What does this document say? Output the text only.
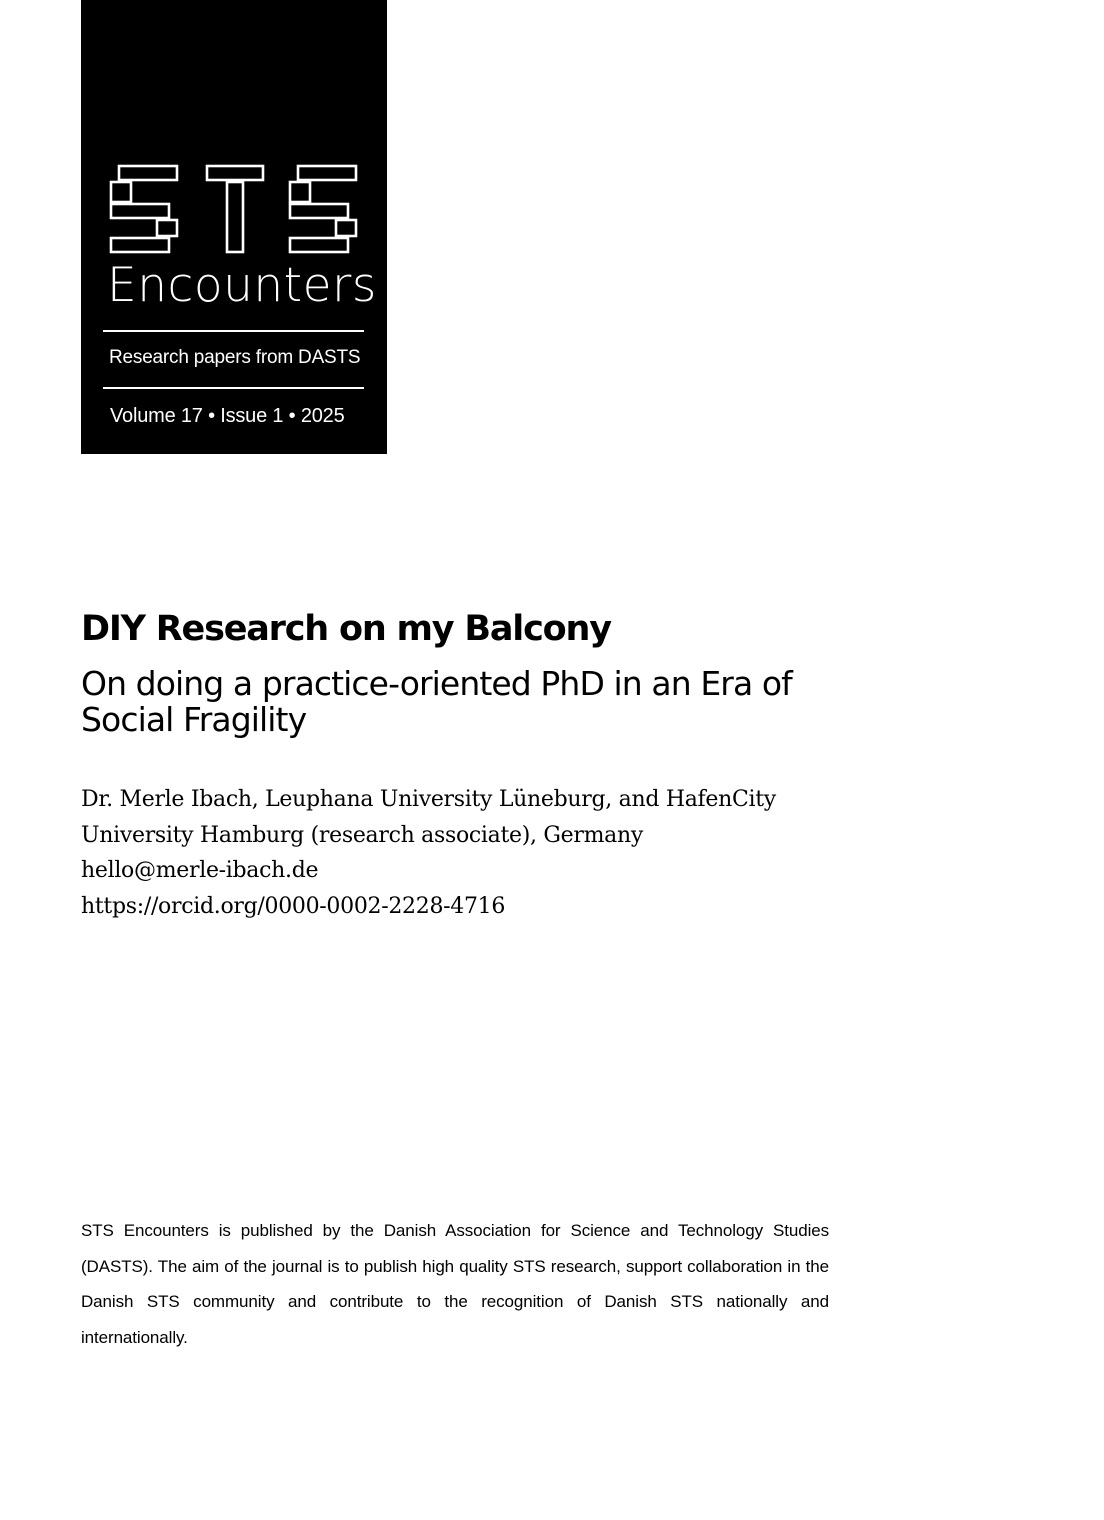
Encounters
Research papers from DASTS
Volume 17 • Issue 1 • 2025
DIY Research on my Balcony
On doing a practice-oriented PhD in an Era of Social Fragility
Dr. Merle Ibach, Leuphana University Lüneburg, and HafenCity
University Hamburg (research associate), Germany
hello@merle-ibach.de
https://orcid.org/0000-0002-2228-4716
STS Encounters is published by the Danish Association for Science and Technology Studies (DASTS). The aim of the journal is to publish high quality STS research, support collaboration in the Danish STS community and contribute to the recognition of Danish STS nationally and internationally.
